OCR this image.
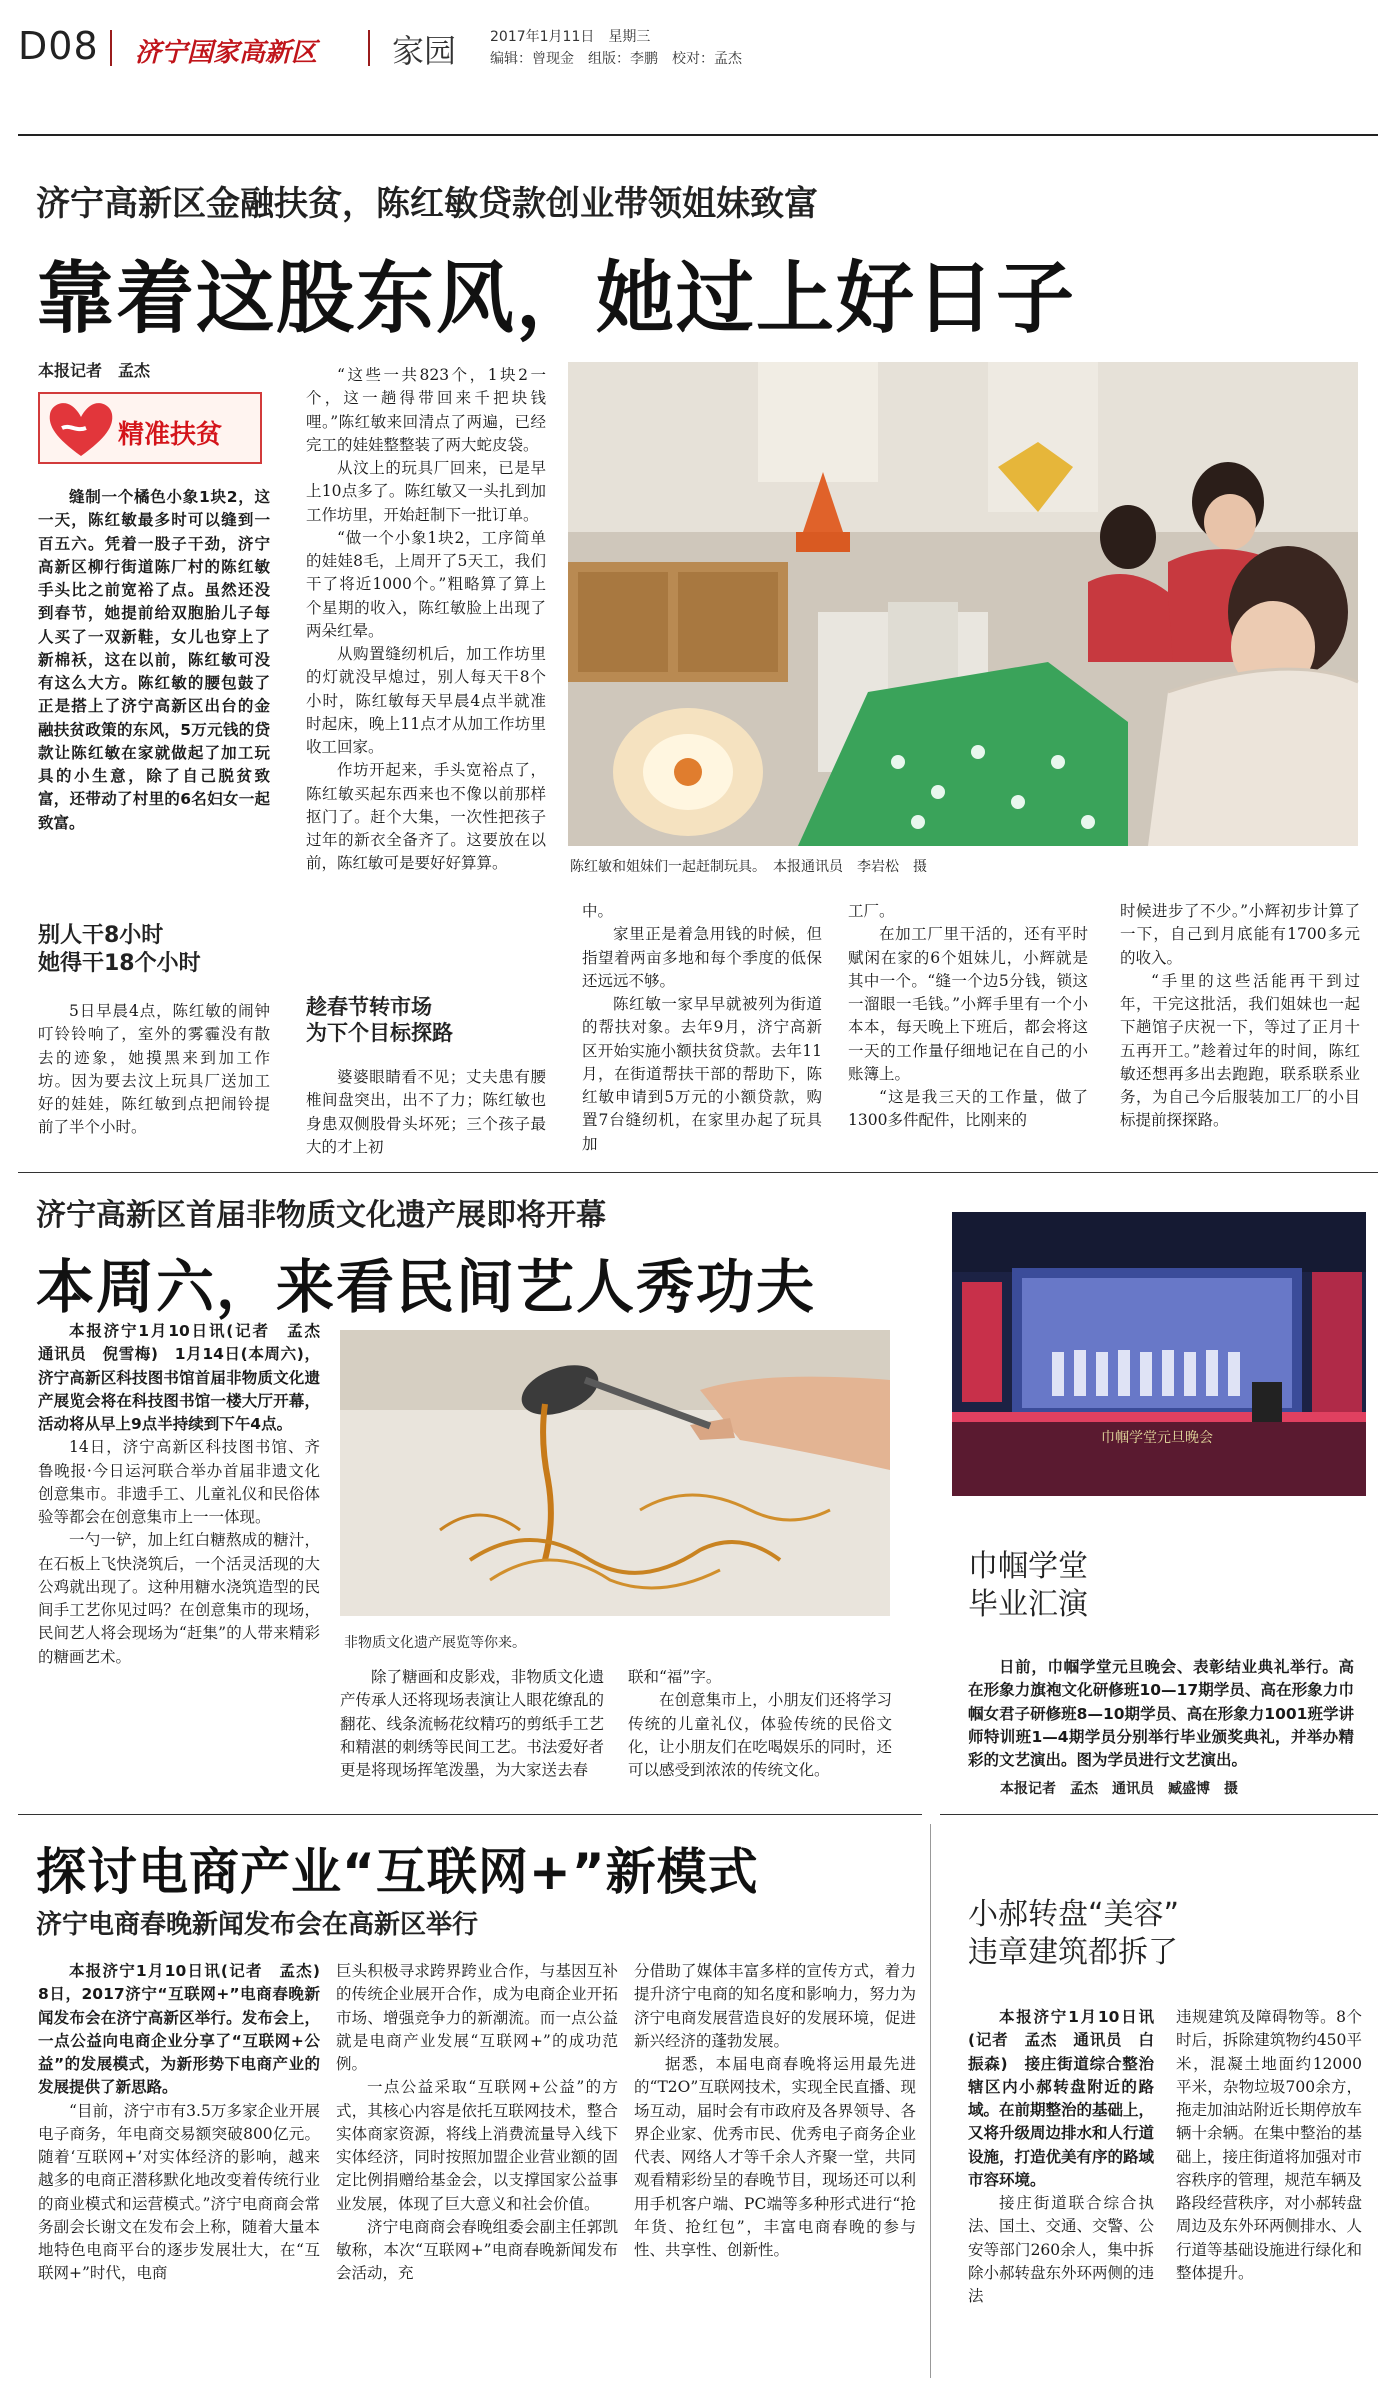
D08 济宁国家高新区 家园 2017年1月11日　星期三
编辑：曾现金　组版：李鹏　校对：孟杰
济宁高新区金融扶贫，陈红敏贷款创业带领姐妹致富
靠着这股东风，她过上好日子
本报记者　孟杰
精准扶贫

缝制一个橘色小象1块2，这一天，陈红敏最多时可以缝到一百五六。凭着一股子干劲，济宁高新区柳行街道陈厂村的陈红敏手头比之前宽裕了点。虽然还没到春节，她提前给双胞胎儿子每人买了一双新鞋，女儿也穿上了新棉袄，这在以前，陈红敏可没有这么大方。陈红敏的腰包鼓了正是搭上了济宁高新区出台的金融扶贫政策的东风，5万元钱的贷款让陈红敏在家就做起了加工玩具的小生意，除了自己脱贫致富，还带动了村里的6名妇女一起致富。

别人干8小时
她得干18个小时

5日早晨4点，陈红敏的闹钟叮铃铃响了，室外的雾霾没有散去的迹象，她摸黑来到加工作坊。因为要去汶上玩具厂送加工好的娃娃，陈红敏到点把闹铃提前了半个小时。

“这些一共823个，1块2一个，这一趟得带回来千把块钱哩。”陈红敏来回清点了两遍，已经完工的娃娃整整装了两大蛇皮袋。

从汶上的玩具厂回来，已是早上10点多了。陈红敏又一头扎到加工作坊里，开始赶制下一批订单。

“做一个小象1块2，工序简单的娃娃8毛，上周开了5天工，我们干了将近1000个。”粗略算了算上个星期的收入，陈红敏脸上出现了两朵红晕。

从购置缝纫机后，加工作坊里的灯就没早熄过，别人每天干8个小时，陈红敏每天早晨4点半就准时起床，晚上11点才从加工作坊里收工回家。

作坊开起来，手头宽裕点了，陈红敏买起东西来也不像以前那样抠门了。赶个大集，一次性把孩子过年的新衣全备齐了。这要放在以前，陈红敏可是要好好算算。

趁春节转市场
为下个目标探路

婆婆眼睛看不见；丈夫患有腰椎间盘突出，出不了力；陈红敏也身患双侧股骨头坏死；三个孩子最大的才上初

陈红敏和姐妹们一起赶制玩具。　本报通讯员　李岩松　摄

中。

家里正是着急用钱的时候，但指望着两亩多地和每个季度的低保还远远不够。

陈红敏一家早早就被列为街道的帮扶对象。去年9月，济宁高新区开始实施小额扶贫贷款。去年11月，在街道帮扶干部的帮助下，陈红敏申请到5万元的小额贷款，购置7台缝纫机，在家里办起了玩具加

工厂。

在加工厂里干活的，还有平时赋闲在家的6个姐妹儿，小辉就是其中一个。“缝一个边5分钱，锁这一溜眼一毛钱。”小辉手里有一个小本本，每天晚上下班后，都会将这一天的工作量仔细地记在自己的小账簿上。

“这是我三天的工作量，做了1300多件配件，比刚来的

时候进步了不少。”小辉初步计算了一下，自己到月底能有1700多元的收入。

“手里的这些活能再干到过年，干完这批活，我们姐妹也一起下趟馆子庆祝一下，等过了正月十五再开工。”趁着过年的时间，陈红敏还想再多出去跑跑，联系联系业务，为自己今后服装加工厂的小目标提前探探路。

济宁高新区首届非物质文化遗产展即将开幕
本周六，来看民间艺人秀功夫

本报济宁1月10日讯(记者　孟杰　通讯员　倪雪梅)　1月14日(本周六)，济宁高新区科技图书馆首届非物质文化遗产展览会将在科技图书馆一楼大厅开幕，活动将从早上9点半持续到下午4点。

14日，济宁高新区科技图书馆、齐鲁晚报·今日运河联合举办首届非遗文化创意集市。非遗手工、儿童礼仪和民俗体验等都会在创意集市上一一体现。

一勺一铲，加上红白糖熬成的糖汁，在石板上飞快浇筑后，一个活灵活现的大公鸡就出现了。这种用糖水浇筑造型的民间手工艺你见过吗？在创意集市的现场，民间艺人将会现场为“赶集”的人带来精彩的糖画艺术。

非物质文化遗产展览等你来。

除了糖画和皮影戏，非物质文化遗产传承人还将现场表演让人眼花缭乱的翻花、线条流畅花纹精巧的剪纸手工艺和精湛的刺绣等民间工艺。书法爱好者更是将现场挥笔泼墨，为大家送去春

联和“福”字。

在创意集市上，小朋友们还将学习传统的儿童礼仪，体验传统的民俗文化，让小朋友们在吃喝娱乐的同时，还可以感受到浓浓的传统文化。

巾帼学堂元旦晚会
巾帼学堂
毕业汇演

日前，巾帼学堂元旦晚会、表彰结业典礼举行。高在形象力旗袍文化研修班10—17期学员、高在形象力巾帼女君子研修班8—10期学员、高在形象力1001班学讲师特训班1—4期学员分别举行毕业颁奖典礼，并举办精彩的文艺演出。图为学员进行文艺演出。

本报记者　孟杰　通讯员　臧盛博　摄
探讨电商产业“互联网+”新模式
济宁电商春晚新闻发布会在高新区举行

本报济宁1月10日讯(记者　孟杰)　8日，2017济宁“互联网+”电商春晚新闻发布会在济宁高新区举行。发布会上，一点公益向电商企业分享了“互联网+公益”的发展模式，为新形势下电商产业的发展提供了新思路。

“目前，济宁市有3.5万多家企业开展电子商务，年电商交易额突破800亿元。随着‘互联网+’对实体经济的影响，越来越多的电商正潜移默化地改变着传统行业的商业模式和运营模式。”济宁电商商会常务副会长谢文在发布会上称，随着大量本地特色电商平台的逐步发展壮大，在“互联网+”时代，电商

巨头积极寻求跨界跨业合作，与基因互补的传统企业展开合作，成为电商企业开拓市场、增强竞争力的新潮流。而一点公益就是电商产业发展“互联网+”的成功范例。

一点公益采取“互联网+公益”的方式，其核心内容是依托互联网技术，整合实体商家资源，将线上消费流量导入线下实体经济，同时按照加盟企业营业额的固定比例捐赠给基金会，以支撑国家公益事业发展，体现了巨大意义和社会价值。

济宁电商商会春晚组委会副主任郭凯敏称，本次“互联网+”电商春晚新闻发布会活动，充

分借助了媒体丰富多样的宣传方式，着力提升济宁电商的知名度和影响力，努力为济宁电商发展营造良好的发展环境，促进新兴经济的蓬勃发展。

据悉，本届电商春晚将运用最先进的“T2O”互联网技术，实现全民直播、现场互动，届时会有市政府及各界领导、各界企业家、优秀市民、优秀电子商务企业代表、网络人才等千余人齐聚一堂，共同观看精彩纷呈的春晚节目，现场还可以利用手机客户端、PC端等多种形式进行“抢年货、抢红包”，丰富电商春晚的参与性、共享性、创新性。

小郝转盘“美容”
违章建筑都拆了

本报济宁1月10日讯(记者　孟杰　通讯员　白振森)　接庄街道综合整治辖区内小郝转盘附近的路域。在前期整治的基础上，又将升级周边排水和人行道设施，打造优美有序的路域市容环境。

接庄街道联合综合执法、国土、交通、交警、公安等部门260余人，集中拆除小郝转盘东外环两侧的违法

违规建筑及障碍物等。8个时后，拆除建筑物约450平米，混凝土地面约12000平米，杂物垃圾700余方，拖走加油站附近长期停放车辆十余辆。在集中整治的基础上，接庄街道将加强对市容秩序的管理，规范车辆及路段经营秩序，对小郝转盘周边及东外环两侧排水、人行道等基础设施进行绿化和整体提升。
